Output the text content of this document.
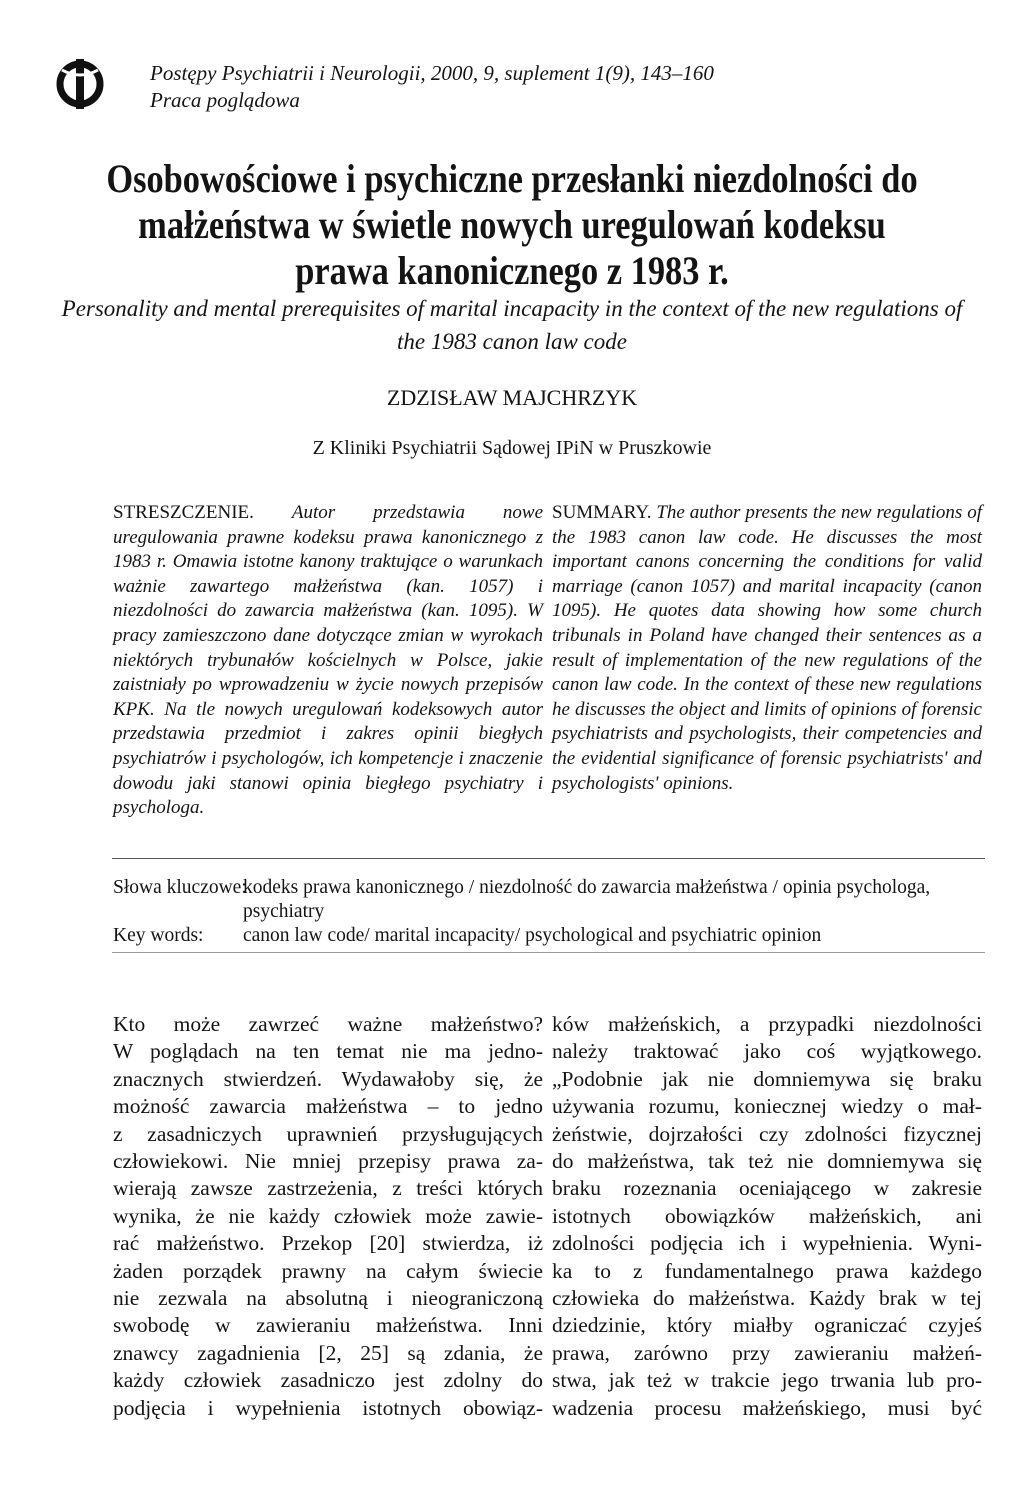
Postępy Psychiatrii i Neurologii, 2000, 9, suplement 1(9), 143–160
Praca poglądowa
Osobowościowe i psychiczne przesłanki niezdolności do małżeństwa w świetle nowych uregulowań kodeksu prawa kanonicznego z 1983 r.
Personality and mental prerequisites of marital incapacity in the context of the new regulations of the 1983 canon law code
ZDZISŁAW MAJCHRZYK
Z Kliniki Psychiatrii Sądowej IPiN w Pruszkowie
STRESZCZENIE. Autor przedstawia nowe uregulowania prawne kodeksu prawa kanonicznego z 1983 r. Omawia istotne kanony traktujące o warunkach ważnie zawartego małżeństwa (kan. 1057) i niezdolności do zawarcia małżeństwa (kan. 1095). W pracy zamieszczono dane dotyczące zmian w wyrokach niektórych trybunałów kościelnych w Polsce, jakie zaistniały po wprowadzeniu w życie nowych przepisów KPK. Na tle nowych uregulowań kodeksowych autor przedstawia przedmiot i zakres opinii biegłych psychiatrów i psychologów, ich kompetencje i znaczenie dowodu jaki stanowi opinia biegłego psychiatry i psychologa.
SUMMARY. The author presents the new regulations of the 1983 canon law code. He discusses the most important canons concerning the conditions for valid marriage (canon 1057) and marital incapacity (canon 1095). He quotes data showing how some church tribunals in Poland have changed their sentences as a result of implementation of the new regulations of the canon law code. In the context of these new regulations he discusses the object and limits of opinions of forensic psychiatrists and psychologists, their competencies and the evidential significance of forensic psychiatrists' and psychologists' opinions.
Słowa kluczowe:
kodeks prawa kanonicznego / niezdolność do zawarcia małżeństwa / opinia psychologa, psychiatry
Key words: canon law code/ marital incapacity/ psychological and psychiatric opinion
Kto może zawrzeć ważne małżeństwo?
W poglądach na ten temat nie ma jedno-
znacznych stwierdzeń. Wydawałoby się, że
możność zawarcia małżeństwa – to jedno
z zasadniczych uprawnień przysługujących
człowiekowi. Nie mniej przepisy prawa za-
wierają zawsze zastrzeżenia, z treści których
wynika, że nie każdy człowiek może zawie-
rać małżeństwo. Przekop [20] stwierdza, iż
żaden porządek prawny na całym świecie
nie zezwala na absolutną i nieograniczoną
swobodę w zawieraniu małżeństwa. Inni
znawcy zagadnienia [2, 25] są zdania, że
każdy człowiek zasadniczo jest zdolny do
podjęcia i wypełnienia istotnych obowiąz-
ków małżeńskich, a przypadki niezdolności
należy traktować jako coś wyjątkowego.
„Podobnie jak nie domniemywa się braku
używania rozumu, koniecznej wiedzy o mał-
żeństwie, dojrzałości czy zdolności fizycznej
do małżeństwa, tak też nie domniemywa się
braku rozeznania oceniającego w zakresie
istotnych obowiązków małżeńskich, ani
zdolności podjęcia ich i wypełnienia. Wyni-
ka to z fundamentalnego prawa każdego
człowieka do małżeństwa. Każdy brak w tej
dziedzinie, który miałby ograniczać czyjeś
prawa, zarówno przy zawieraniu małżeń-
stwa, jak też w trakcie jego trwania lub pro-
wadzenia procesu małżeńskiego, musi być
